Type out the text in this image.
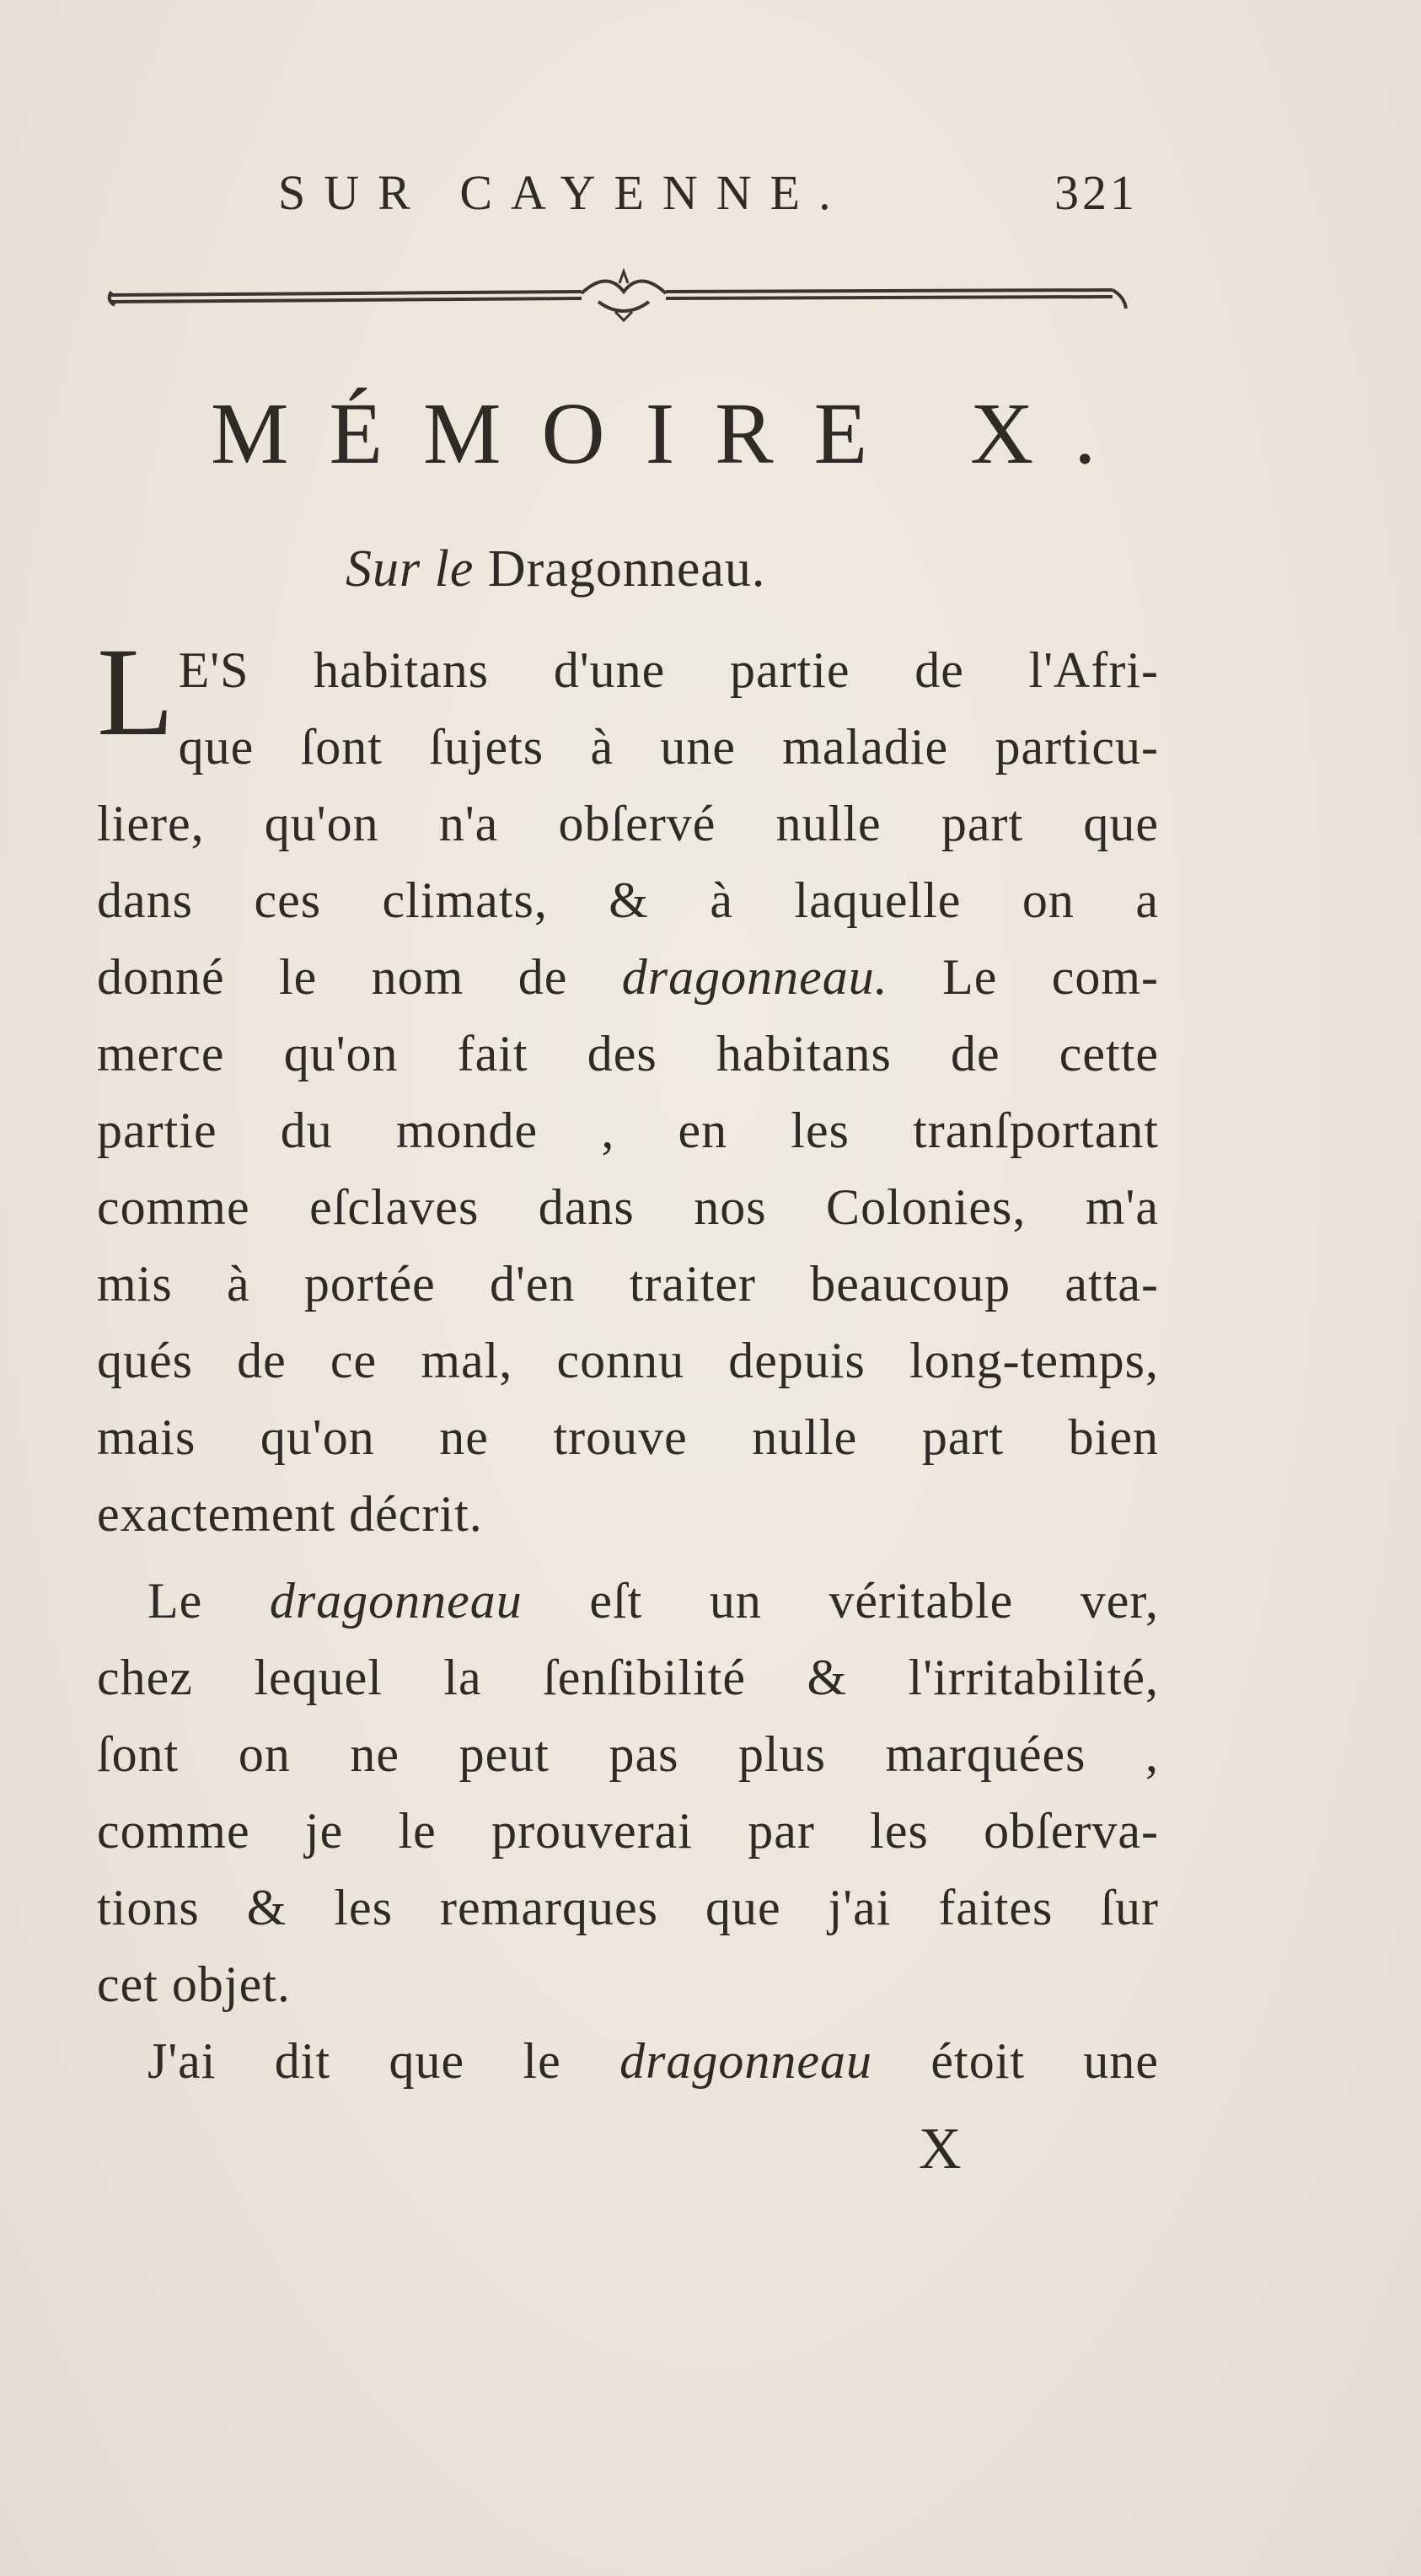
SUR CAYENNE.	321
MÉMOIRE X.
Sur le Dragonneau.
L E'S habitans d'une partie de l'Afri-
que ſont ſujets à une maladie particu-
liere, qu'on n'a obſervé nulle part que
dans ces climats, & à laquelle on a
donné le nom de dragonneau. Le com-
merce qu'on fait des habitans de cette
partie du monde , en les tranſportant
comme eſclaves dans nos Colonies, m'a
mis à portée d'en traiter beaucoup atta-
qués de ce mal, connu depuis long-temps,
mais qu'on ne trouve nulle part bien
exactement décrit.
Le dragonneau eſt un véritable ver,
chez lequel la ſenſibilité & l'irritabilité,
ſont on ne peut pas plus marquées ,
comme je le prouverai par les obſerva-
tions & les remarques que j'ai faites ſur
cet objet.
J'ai dit que le dragonneau étoit une
X
